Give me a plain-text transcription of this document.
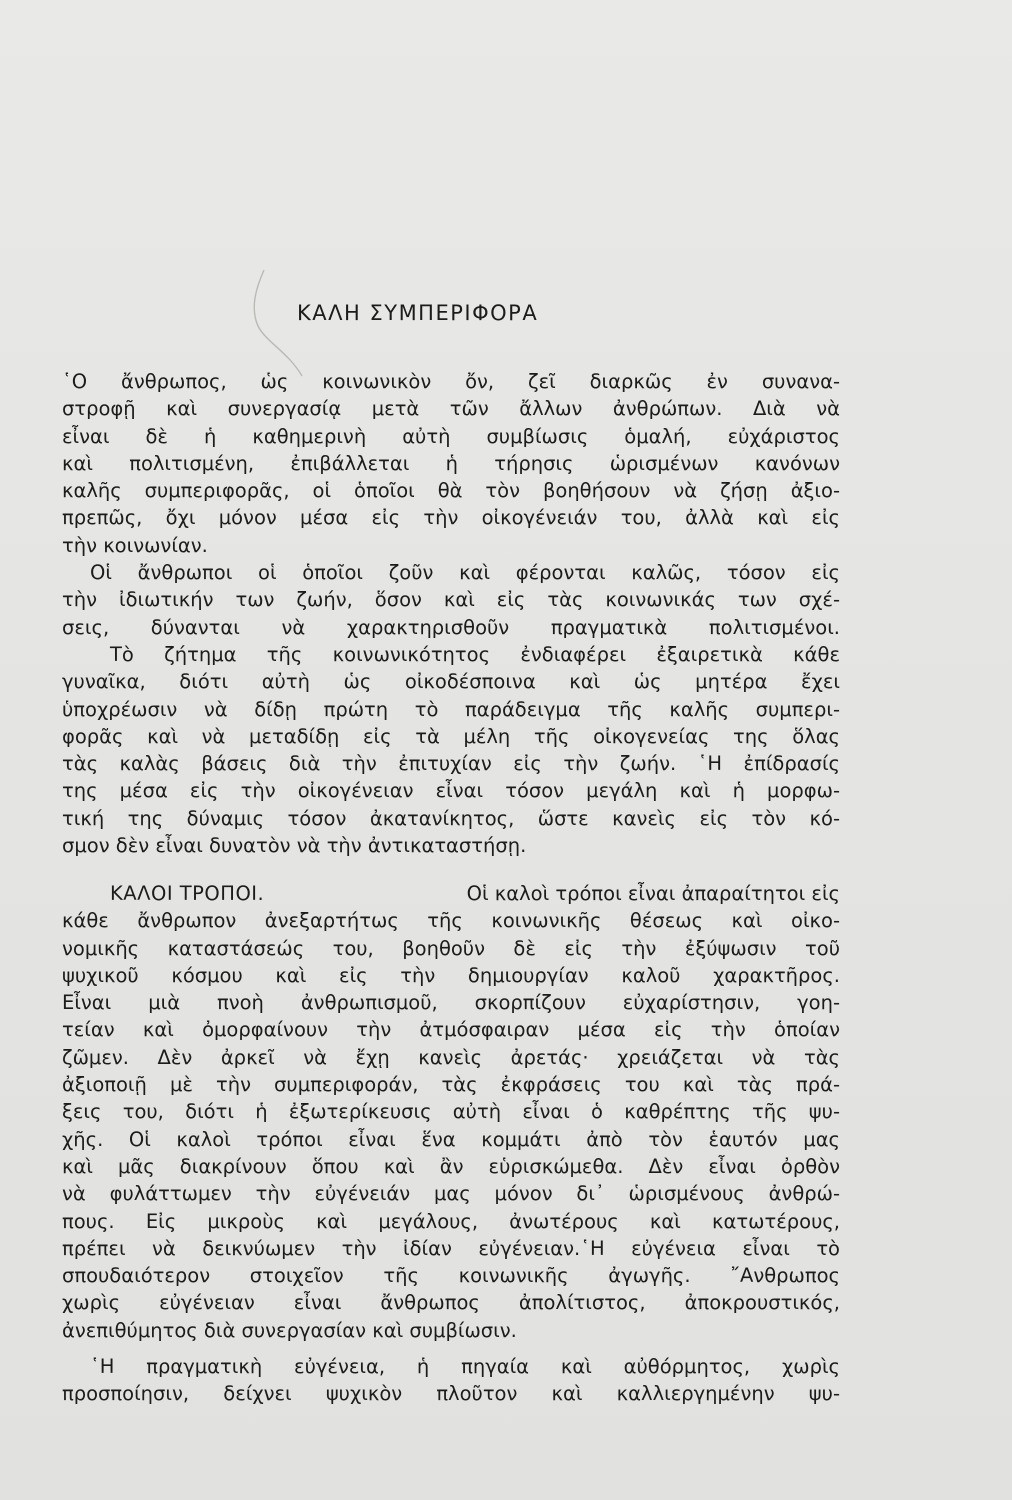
ΚΑΛΗ ΣΥΜΠΕΡΙΦΟΡΑ
῾Ο ἄνθρωπος, ὡς κοινωνικὸν ὄν, ζεῖ διαρκῶς ἐν συνανα-
στροφῇ καὶ συνεργασίᾳ μετὰ τῶν ἄλλων ἀνθρώπων. Διὰ νὰ
εἶναι δὲ ἡ καθημερινὴ αὐτὴ συμβίωσις ὁμαλή, εὐχάριστος
καὶ πολιτισμένη, ἐπιβάλλεται ἡ τήρησις ὡρισμένων κανόνων
καλῆς συμπεριφορᾶς, οἱ ὁποῖοι θὰ τὸν βοηθήσουν νὰ ζήσῃ ἀξιο-
πρεπῶς, ὄχι μόνον μέσα εἰς τὴν οἰκογένειάν του, ἀλλὰ καὶ εἰς
τὴν κοινωνίαν.
Οἱ ἄνθρωποι οἱ ὁποῖοι ζοῦν καὶ φέρονται καλῶς, τόσον εἰς
τὴν ἰδιωτικήν των ζωήν, ὅσον καὶ εἰς τὰς κοινωνικάς των σχέ-
σεις, δύνανται νὰ χαρακτηρισθοῦν πραγματικὰ πολιτισμένοι.
Τὸ ζήτημα τῆς κοινωνικότητος ἐνδιαφέρει ἐξαιρετικὰ κάθε
γυναῖκα, διότι αὐτὴ ὡς οἰκοδέσποινα καὶ ὡς μητέρα ἔχει
ὑποχρέωσιν νὰ δίδῃ πρώτη τὸ παράδειγμα τῆς καλῆς συμπερι-
φορᾶς καὶ νὰ μεταδίδῃ εἰς τὰ μέλη τῆς οἰκογενείας της ὅλας
τὰς καλὰς βάσεις διὰ τὴν ἐπιτυχίαν εἰς τὴν ζωήν. ῾Η ἐπίδρασίς
της μέσα εἰς τὴν οἰκογένειαν εἶναι τόσον μεγάλη καὶ ἡ μορφω-
τική της δύναμις τόσον ἀκατανίκητος, ὥστε κανεὶς εἰς τὸν κό-
σμον δὲν εἶναι δυνατὸν νὰ τὴν ἀντικαταστήσῃ.
ΚΑΛΟΙ ΤΡΟΠΟΙ.	Οἱ καλοὶ τρόποι εἶναι ἀπαραίτητοι εἰς
κάθε ἄνθρωπον ἀνεξαρτήτως τῆς κοινωνικῆς θέσεως καὶ οἰκο-
νομικῆς καταστάσεώς του, βοηθοῦν δὲ εἰς τὴν ἐξύψωσιν τοῦ
ψυχικοῦ κόσμου καὶ εἰς τὴν δημιουργίαν καλοῦ χαρακτῆρος.
Εἶναι μιὰ πνοὴ ἀνθρωπισμοῦ, σκορπίζουν εὐχαρίστησιν, γοη-
τείαν καὶ ὀμορφαίνουν τὴν ἀτμόσφαιραν μέσα εἰς τὴν ὁποίαν
ζῶμεν. Δὲν ἀρκεῖ νὰ ἔχῃ κανεὶς ἀρετάς· χρειάζεται νὰ τὰς
ἀξιοποιῇ μὲ τὴν συμπεριφοράν, τὰς ἐκφράσεις του καὶ τὰς πρά-
ξεις του, διότι ἡ ἐξωτερίκευσις αὐτὴ εἶναι ὁ καθρέπτης τῆς ψυ-
χῆς. Οἱ καλοὶ τρόποι εἶναι ἕνα κομμάτι ἀπὸ τὸν ἑαυτόν μας
καὶ μᾶς διακρίνουν ὅπου καὶ ἂν εὑρισκώμεθα. Δὲν εἶναι ὀρθὸν
νὰ φυλάττωμεν τὴν εὐγένειάν μας μόνον δι᾿ ὡρισμένους ἀνθρώ-
πους. Εἰς μικροὺς καὶ μεγάλους, ἀνωτέρους καὶ κατωτέρους,
πρέπει νὰ δεικνύωμεν τὴν ἰδίαν εὐγένειαν.῾Η εὐγένεια εἶναι τὸ
σπουδαιότερον στοιχεῖον τῆς κοινωνικῆς ἀγωγῆς. ῎Ανθρωπος
χωρὶς εὐγένειαν εἶναι ἄνθρωπος ἀπολίτιστος, ἀποκρουστικός,
ἀνεπιθύμητος διὰ συνεργασίαν καὶ συμβίωσιν.
῾Η πραγματικὴ εὐγένεια, ἡ πηγαία καὶ αὐθόρμητος, χωρὶς
προσποίησιν, δείχνει ψυχικὸν πλοῦτον καὶ καλλιεργημένην ψυ-
